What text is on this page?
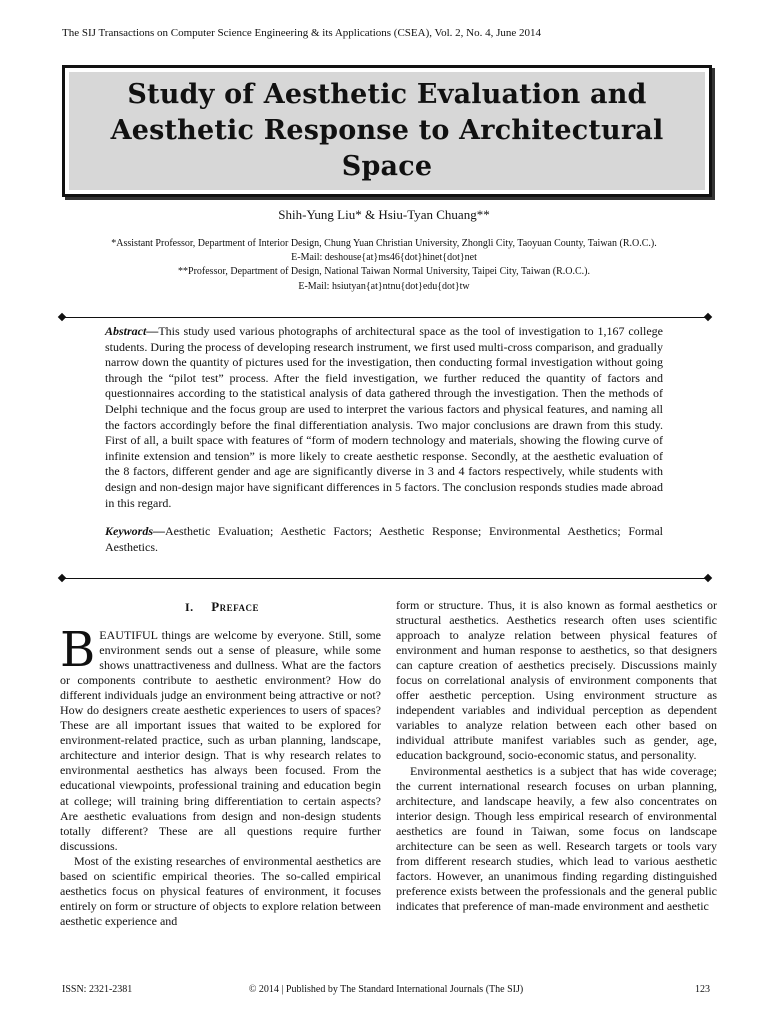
The SIJ Transactions on Computer Science Engineering & its Applications (CSEA), Vol. 2, No. 4, June 2014
Study of Aesthetic Evaluation and Aesthetic Response to Architectural Space
Shih-Yung Liu* & Hsiu-Tyan Chuang**
*Assistant Professor, Department of Interior Design, Chung Yuan Christian University, Zhongli City, Taoyuan County, Taiwan (R.O.C.).
E-Mail: deshouse{at}ms46{dot}hinet{dot}net
**Professor, Department of Design, National Taiwan Normal University, Taipei City, Taiwan (R.O.C.).
E-Mail: hsiutyan{at}ntnu{dot}edu{dot}tw

Abstract—This study used various photographs of architectural space as the tool of investigation to 1,167 college students. During the process of developing research instrument, we first used multi-cross comparison, and gradually narrow down the quantity of pictures used for the investigation, then conducting formal investigation without going through the “pilot test” process. After the field investigation, we further reduced the quantity of factors and questionnaires according to the statistical analysis of data gathered through the investigation. Then the methods of Delphi technique and the focus group are used to interpret the various factors and physical features, and naming all the factors accordingly before the final differentiation analysis. Two major conclusions are drawn from this study. First of all, a built space with features of “form of modern technology and materials, showing the flowing curve of infinite extension and tension” is more likely to create aesthetic response. Secondly, at the aesthetic evaluation of the 8 factors, different gender and age are significantly diverse in 3 and 4 factors respectively, while students with design and non-design major have significant differences in 5 factors. The conclusion responds studies made abroad in this regard.

Keywords—Aesthetic Evaluation; Aesthetic Factors; Aesthetic Response; Environmental Aesthetics; Formal Aesthetics.

I. Preface

BEAUTIFUL things are welcome by everyone. Still, some environment sends out a sense of pleasure, while some shows unattractiveness and dullness. What are the factors or components contribute to aesthetic environment? How do different individuals judge an environment being attractive or not? How do designers create aesthetic experiences to users of spaces? These are all important issues that waited to be explored for environment-related practice, such as urban planning, landscape, architecture and interior design. That is why research relates to environmental aesthetics has always been focused. From the educational viewpoints, professional training and education begin at college; will training bring differentiation to certain aspects? Are aesthetic evaluations from design and non-design students totally different? These are all questions require further discussions.

Most of the existing researches of environmental aesthetics are based on scientific empirical theories. The so-called empirical aesthetics focus on physical features of environment, it focuses entirely on form or structure of objects to explore relation between aesthetic experience and

form or structure. Thus, it is also known as formal aesthetics or structural aesthetics. Aesthetics research often uses scientific approach to analyze relation between physical features of environment and human response to aesthetics, so that designers can capture creation of aesthetics precisely. Discussions mainly focus on correlational analysis of environment components that offer aesthetic perception. Using environment structure as independent variables and individual perception as dependent variables to analyze relation between each other based on individual attribute manifest variables such as gender, age, education background, socio-economic status, and personality.

Environmental aesthetics is a subject that has wide coverage; the current international research focuses on urban planning, architecture, and landscape heavily, a few also concentrates on interior design. Though less empirical research of environmental aesthetics are found in Taiwan, some focus on landscape architecture can be seen as well. Research targets or tools vary from different research studies, which lead to various aesthetic factors. However, an unanimous finding regarding distinguished preference exists between the professionals and the general public indicates that preference of man-made environment and aesthetic

ISSN: 2321-2381	© 2014 | Published by The Standard International Journals (The SIJ)	123
